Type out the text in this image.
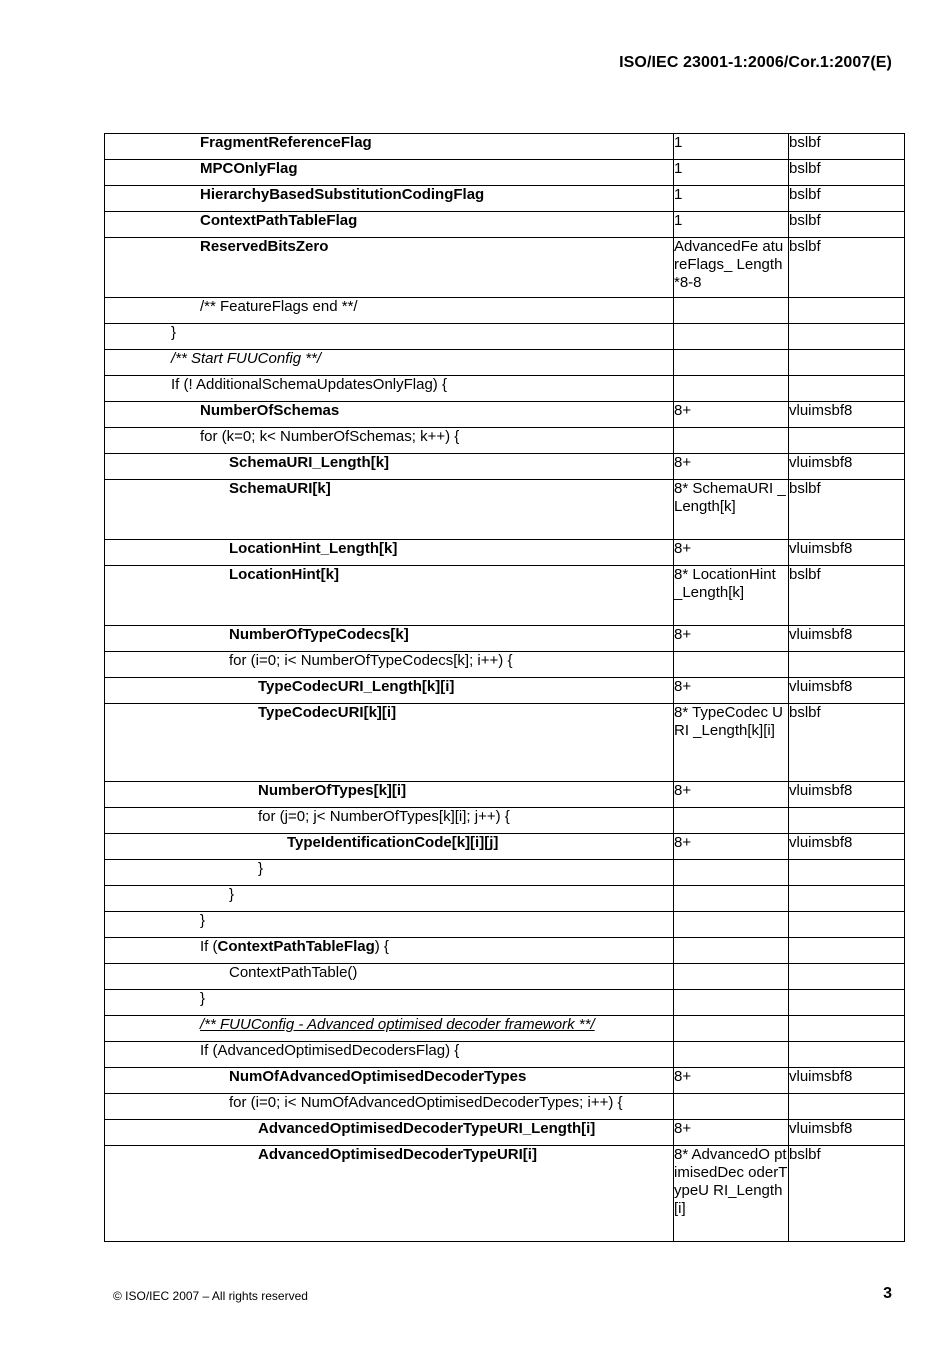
ISO/IEC 23001-1:2006/Cor.1:2007(E)
FragmentReferenceFlag	1	bslbf

MPCOnlyFlag	1	bslbf

HierarchyBasedSubstitutionCodingFlag	1	bslbf

ContextPathTableFlag	1	bslbf

ReservedBitsZero	AdvancedFe atureFlags_ Length*8-8	bslbf

/** FeatureFlags end **/		

}		

/** Start FUUConfig **/		

If (! AdditionalSchemaUpdatesOnlyFlag) {		

NumberOfSchemas	8+	vluimsbf8

for (k=0; k< NumberOfSchemas; k++) {		

SchemaURI_Length[k]	8+	vluimsbf8

SchemaURI[k]	8* SchemaURI _Length[k]	bslbf

LocationHint_Length[k]	8+	vluimsbf8

LocationHint[k]	8* LocationHint _Length[k]	bslbf

NumberOfTypeCodecs[k]	8+	vluimsbf8

for (i=0; i< NumberOfTypeCodecs[k]; i++) {		

TypeCodecURI_Length[k][i]	8+	vluimsbf8

TypeCodecURI[k][i]	8* TypeCodec URI _Length[k][i]	bslbf

NumberOfTypes[k][i]	8+	vluimsbf8

for (j=0; j< NumberOfTypes[k][i]; j++) {		

TypeIdentificationCode[k][i][j]	8+	vluimsbf8

}		

}		

}		

If (ContextPathTableFlag) {		

ContextPathTable()		

}		

/** FUUConfig - Advanced optimised decoder framework **/		

If (AdvancedOptimisedDecodersFlag) {		

NumOfAdvancedOptimisedDecoderTypes	8+	vluimsbf8

for (i=0; i< NumOfAdvancedOptimisedDecoderTypes; i++) {		

AdvancedOptimisedDecoderTypeURI_Length[i]	8+	vluimsbf8

AdvancedOptimisedDecoderTypeURI[i]	8* AdvancedO ptimisedDec oderTypeU RI_Length[i]	bslbf
© ISO/IEC 2007 – All rights reserved	3
